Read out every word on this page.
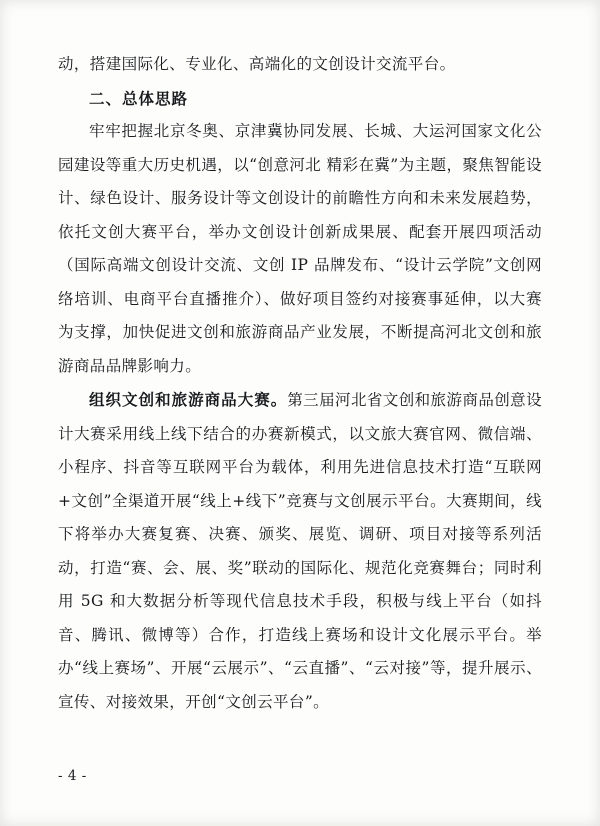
动，搭建国际化、专业化、高端化的文创设计交流平台。

二、总体思路

牢牢把握北京冬奥、京津冀协同发展、长城、大运河国家文化公园建设等重大历史机遇，以“创意河北 精彩在冀”为主题，聚焦智能设计、绿色设计、服务设计等文创设计的前瞻性方向和未来发展趋势，依托文创大赛平台，举办文创设计创新成果展、配套开展四项活动（国际高端文创设计交流、文创 IP 品牌发布、“设计云学院”文创网络培训、电商平台直播推介）、做好项目签约对接赛事延伸，以大赛为支撑，加快促进文创和旅游商品产业发展，不断提高河北文创和旅游商品品牌影响力。

组织文创和旅游商品大赛。第三届河北省文创和旅游商品创意设计大赛采用线上线下结合的办赛新模式，以文旅大赛官网、微信端、小程序、抖音等互联网平台为载体，利用先进信息技术打造“互联网+文创”全渠道开展“线上+线下”竞赛与文创展示平台。大赛期间，线下将举办大赛复赛、决赛、颁奖、展览、调研、项目对接等系列活动，打造“赛、会、展、奖”联动的国际化、规范化竞赛舞台；同时利用 5G 和大数据分析等现代信息技术手段，积极与线上平台（如抖音、腾讯、微博等）合作，打造线上赛场和设计文化展示平台。举办“线上赛场”、开展“云展示”、“云直播”、“云对接”等，提升展示、宣传、对接效果，开创“文创云平台”。

- 4 -
